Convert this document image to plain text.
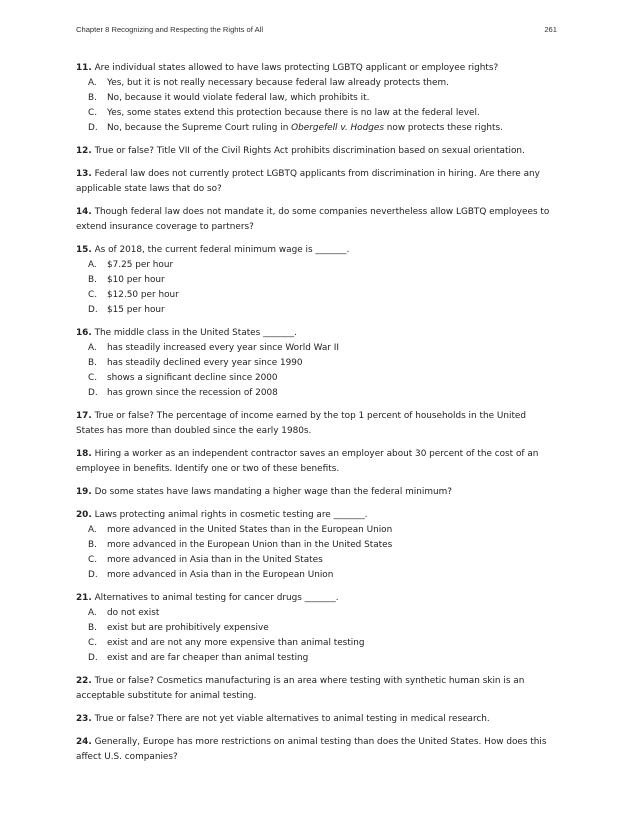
Chapter 8 Recognizing and Respecting the Rights of All	261

11. Are individual states allowed to have laws protecting LGBTQ applicant or employee rights?

A.	Yes, but it is not really necessary because federal law already protects them.
B.	No, because it would violate federal law, which prohibits it.
C.	Yes, some states extend this protection because there is no law at the federal level.
D.	No, because the Supreme Court ruling in Obergefell v. Hodges now protects these rights.

12. True or false? Title VII of the Civil Rights Act prohibits discrimination based on sexual orientation.

13. Federal law does not currently protect LGBTQ applicants from discrimination in hiring. Are there any applicable state laws that do so?

14. Though federal law does not mandate it, do some companies nevertheless allow LGBTQ employees to extend insurance coverage to partners?

15. As of 2018, the current federal minimum wage is _______.

A.	$7.25 per hour
B.	$10 per hour
C.	$12.50 per hour
D.	$15 per hour

16. The middle class in the United States _______.

A.	has steadily increased every year since World War II
B.	has steadily declined every year since 1990
C.	shows a significant decline since 2000
D.	has grown since the recession of 2008

17. True or false? The percentage of income earned by the top 1 percent of households in the United States has more than doubled since the early 1980s.

18. Hiring a worker as an independent contractor saves an employer about 30 percent of the cost of an employee in benefits. Identify one or two of these benefits.

19. Do some states have laws mandating a higher wage than the federal minimum?

20. Laws protecting animal rights in cosmetic testing are _______.

A.	more advanced in the United States than in the European Union
B.	more advanced in the European Union than in the United States
C.	more advanced in Asia than in the United States
D.	more advanced in Asia than in the European Union

21. Alternatives to animal testing for cancer drugs _______.

A.	do not exist
B.	exist but are prohibitively expensive
C.	exist and are not any more expensive than animal testing
D.	exist and are far cheaper than animal testing

22. True or false? Cosmetics manufacturing is an area where testing with synthetic human skin is an acceptable substitute for animal testing.

23. True or false? There are not yet viable alternatives to animal testing in medical research.

24. Generally, Europe has more restrictions on animal testing than does the United States. How does this affect U.S. companies?
